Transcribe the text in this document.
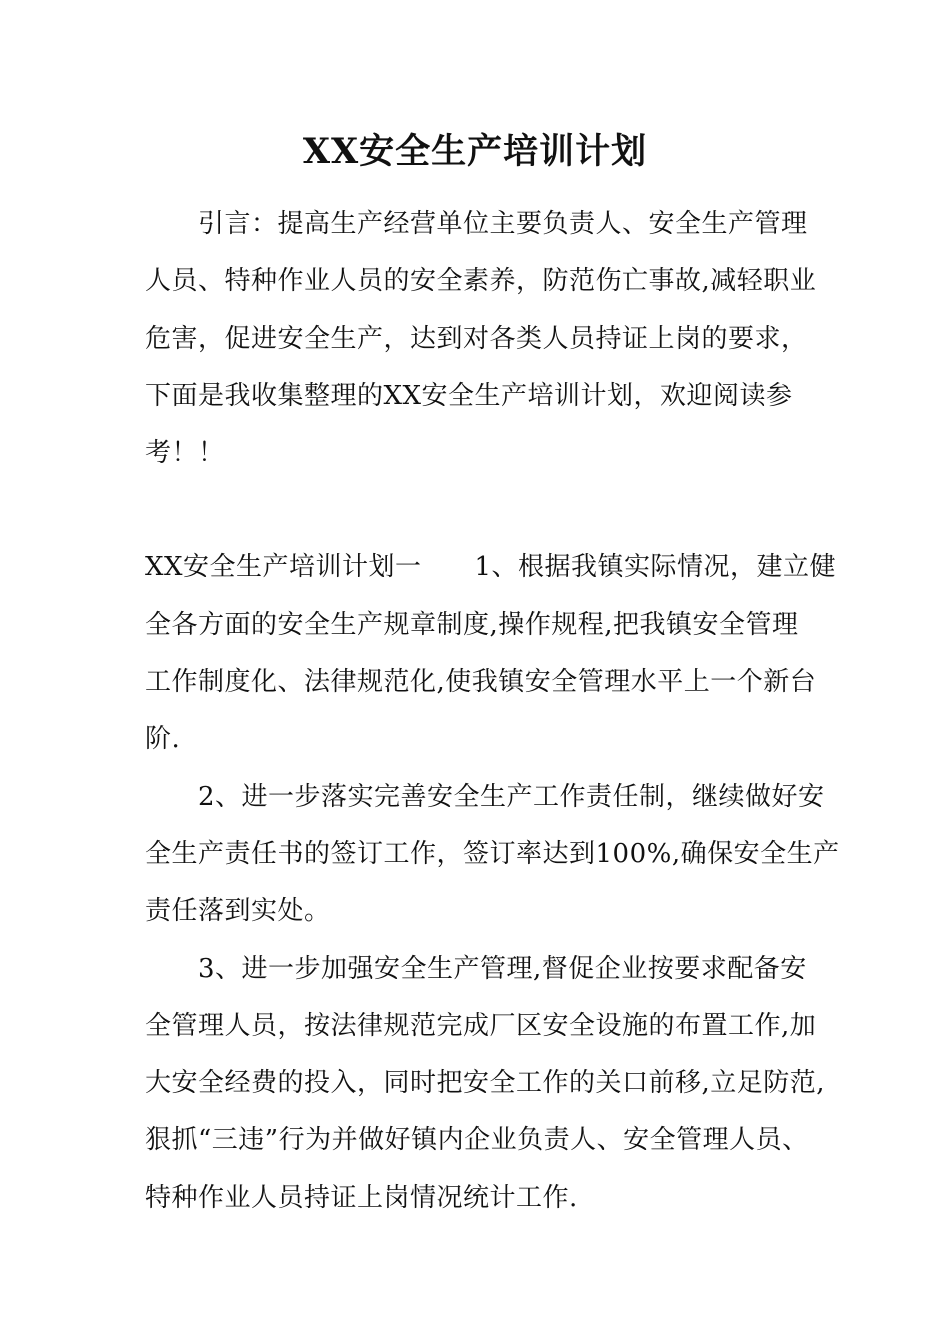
XX安全生产培训计划
引言：提高生产经营单位主要负责人、安全生产管理
人员、特种作业人员的安全素养，防范伤亡事故,减轻职业
危害，促进安全生产，达到对各类人员持证上岗的要求，
下面是我收集整理的XX安全生产培训计划，欢迎阅读参
考！！
XX安全生产培训计划一　　1、根据我镇实际情况，建立健
全各方面的安全生产规章制度,操作规程,把我镇安全管理
工作制度化、法律规范化,使我镇安全管理水平上一个新台
阶.
2、进一步落实完善安全生产工作责任制，继续做好安
全生产责任书的签订工作，签订率达到100%,确保安全生产
责任落到实处。
3、进一步加强安全生产管理,督促企业按要求配备安
全管理人员，按法律规范完成厂区安全设施的布置工作,加
大安全经费的投入，同时把安全工作的关口前移,立足防范,
狠抓“三违”行为并做好镇内企业负责人、安全管理人员、
特种作业人员持证上岗情况统计工作.
